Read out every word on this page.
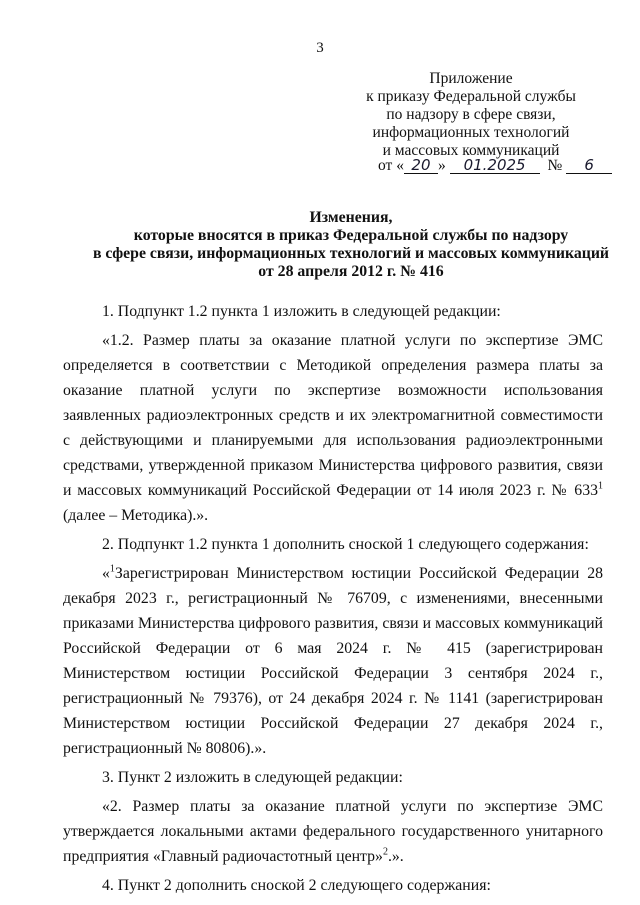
3
Приложение
к приказу Федеральной службы
по надзору в сфере связи,
информационных технологий
и массовых коммуникаций
от « 20 » 01.2025 № 6
Изменения,
которые вносятся в приказ Федеральной службы по надзору
в сфере связи, информационных технологий и массовых коммуникаций
от 28 апреля 2012 г. № 416

1. Подпункт 1.2 пункта 1 изложить в следующей редакции:

«1.2. Размер платы за оказание платной услуги по экспертизе ЭМС определяется в соответствии с Методикой определения размера платы за оказание платной услуги по экспертизе возможности использования заявленных радиоэлектронных средств и их электромагнитной совместимости с действующими и планируемыми для использования радиоэлектронными средствами, утвержденной приказом Министерства цифрового развития, связи и массовых коммуникаций Российской Федерации от 14 июля 2023 г. № $633^1$ (далее – Методика).».

2. Подпункт 1.2 пункта 1 дополнить сноской 1 следующего содержания:

«$^1$Зарегистрирован Министерством юстиции Российской Федерации 28 декабря 2023 г., регистрационный № 76709, с изменениями, внесенными приказами Министерства цифрового развития, связи и массовых коммуникаций Российской Федерации от 6 мая 2024 г. № 415 (зарегистрирован Министерством юстиции Российской Федерации 3 сентября 2024 г., регистрационный № 79376), от 24 декабря 2024 г. № 1141 (зарегистрирован Министерством юстиции Российской Федерации 27 декабря 2024 г., регистрационный № 80806).».

3. Пункт 2 изложить в следующей редакции:

«2. Размер платы за оказание платной услуги по экспертизе ЭМС утверждается локальными актами федерального государственного унитарного предприятия «Главный радиочастотный центр»$^2$.».

4. Пункт 2 дополнить сноской 2 следующего содержания:
